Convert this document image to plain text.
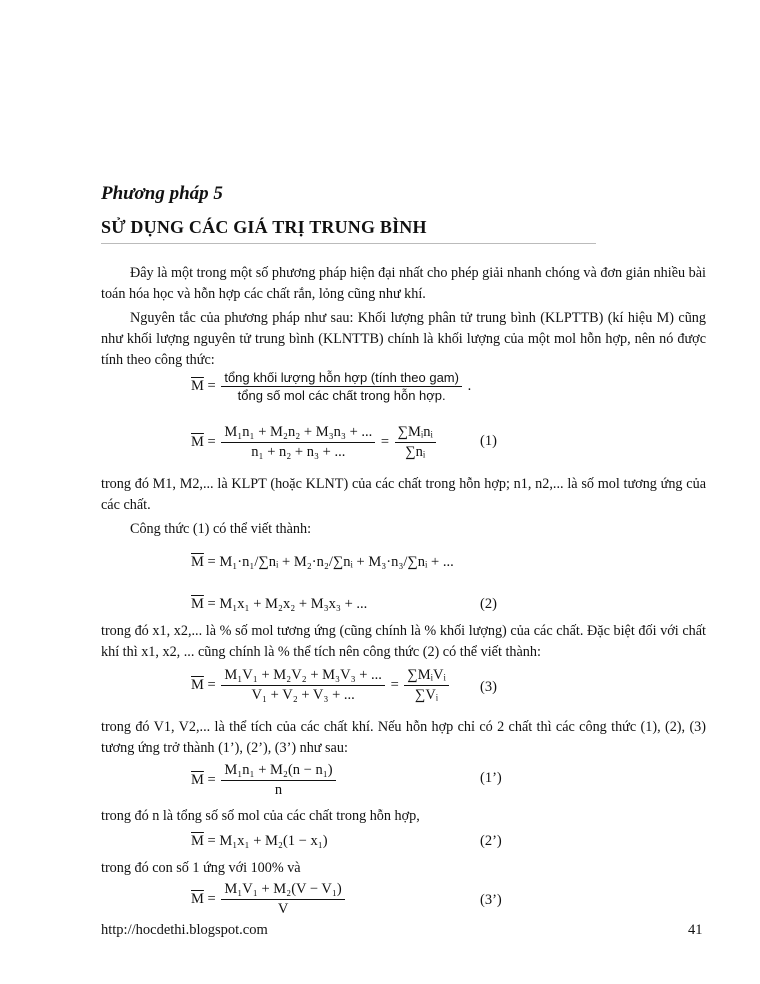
Phương pháp 5
SỬ DỤNG CÁC GIÁ TRỊ TRUNG BÌNH
Đây là một trong một số phương pháp hiện đại nhất cho phép giải nhanh chóng và đơn giản nhiều bài toán hóa học và hỗn hợp các chất rắn, lỏng cũng như khí.
Nguyên tắc của phương pháp như sau: Khối lượng phân tử trung bình (KLPTTB) (kí hiệu M) cũng như khối lượng nguyên tử trung bình (KLNTTB) chính là khối lượng của một mol hỗn hợp, nên nó được tính theo công thức:
$\overline{M} = \frac{\text{tổng khối lượng hỗn hợp (tính theo gam)}}{\text{tổng số mol các chất trong hỗn hợp.}}$ .
$\overline{M} = \frac{\text{M₁n₁ + M₂n₂ + M₃n₃ + ...}}{\text{n₁ + n₂ + n₃ + ...}} = \frac{\text{∑Mᵢnᵢ}}{\text{∑nᵢ}}$	(1)
trong đó M1, M2,... là KLPT (hoặc KLNT) của các chất trong hỗn hợp; n1, n2,... là số mol tương ứng của các chất.
Công thức (1) có thể viết thành:
$\overline{M}$ = M₁·n₁/∑nᵢ + M₂·n₂/∑nᵢ + M₃·n₃/∑nᵢ + ...
$\overline{M} = M_1x_1 + M_2x_2 + M_3x_3$ + ...	(2)
trong đó x1, x2,... là % số mol tương ứng (cũng chính là % khối lượng) của các chất. Đặc biệt đối với chất khí thì x1, x2, ... cũng chính là % thể tích nên công thức (2) có thể viết thành:
$\overline{M} = \frac{\text{M₁V₁ + M₂V₂ + M₃V₃ + ...}}{\text{V₁ + V₂ + V₃ + ...}} = \frac{\text{∑MᵢVᵢ}}{\text{∑Vᵢ}} (3)$
trong đó V1, V2,... là thể tích của các chất khí. Nếu hỗn hợp chỉ có 2 chất thì các công thức (1), (2), (3) tương ứng trở thành (1’), (2’), (3’) như sau:
$\overline{M} = \frac{\text{M₁n₁ + M₂(n − n₁)}}{n}$	(1’)
trong đó n là tổng số số mol của các chất trong hỗn hợp,
$\overline{M} = M_1x_1 + M_2(1 - x_1)$	(2’)
trong đó con số 1 ứng với 100% và
$\overline{M} = \frac{\text{M₁V₁ + M₂(V − V₁)}}{V}$	(3’)
http://hocdethi.blogspot.com	41
